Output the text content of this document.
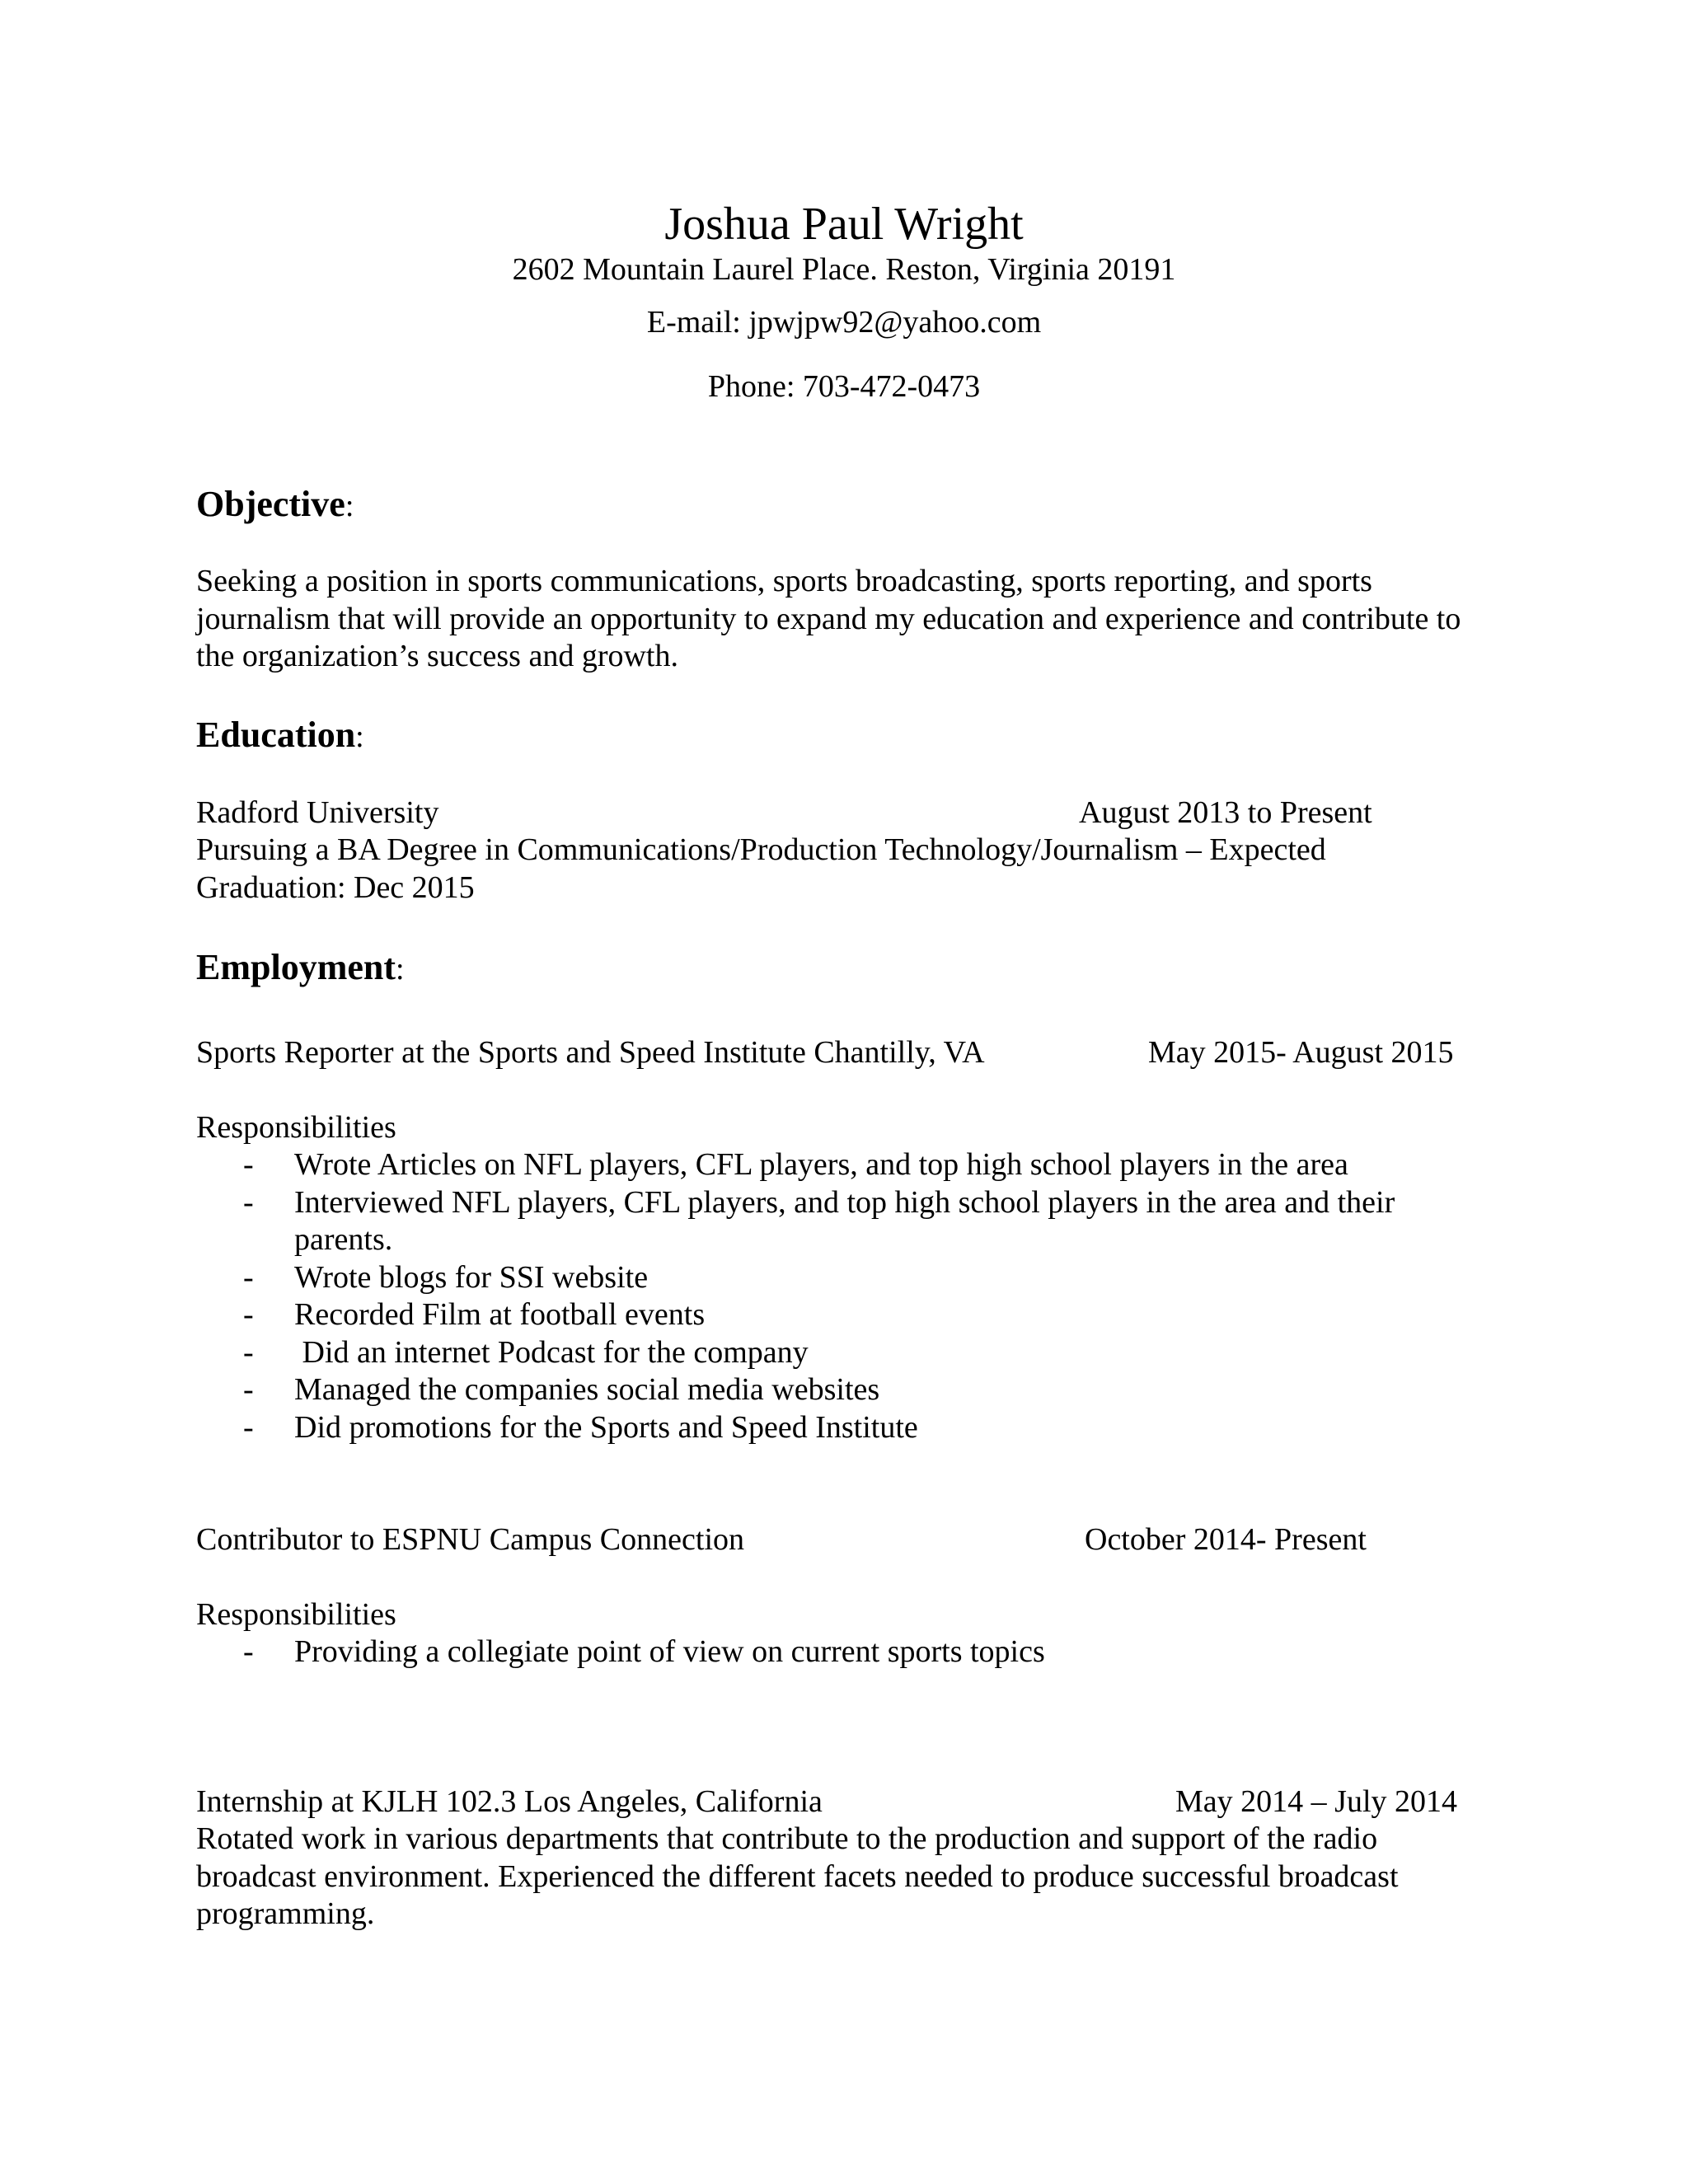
Joshua Paul Wright
2602 Mountain Laurel Place. Reston, Virginia 20191
E-mail: jpwjpw92@yahoo.com
Phone: 703-472-0473
Objective:
Seeking a position in sports communications, sports broadcasting, sports reporting, and sports journalism that will provide an opportunity to expand my education and experience and contribute to the organization’s success and growth.
Education:
Radford University	August 2013 to Present
Pursuing a BA Degree in Communications/Production Technology/Journalism – Expected Graduation: Dec 2015
Employment:
Sports Reporter at the Sports and Speed Institute Chantilly, VA	May 2015- August 2015
Responsibilities
- Wrote Articles on NFL players, CFL players, and top high school players in the area
- Interviewed NFL players, CFL players, and top high school players in the area and their parents.
- Wrote blogs for SSI website
- Recorded Film at football events
- Did an internet Podcast for the company
- Managed the companies social media websites
- Did promotions for the Sports and Speed Institute
Contributor to ESPNU Campus Connection	October 2014- Present
Responsibilities
- Providing a collegiate point of view on current sports topics
Internship at KJLH 102.3 Los Angeles, California	May 2014 – July 2014
Rotated work in various departments that contribute to the production and support of the radio broadcast environment. Experienced the different facets needed to produce successful broadcast programming.
